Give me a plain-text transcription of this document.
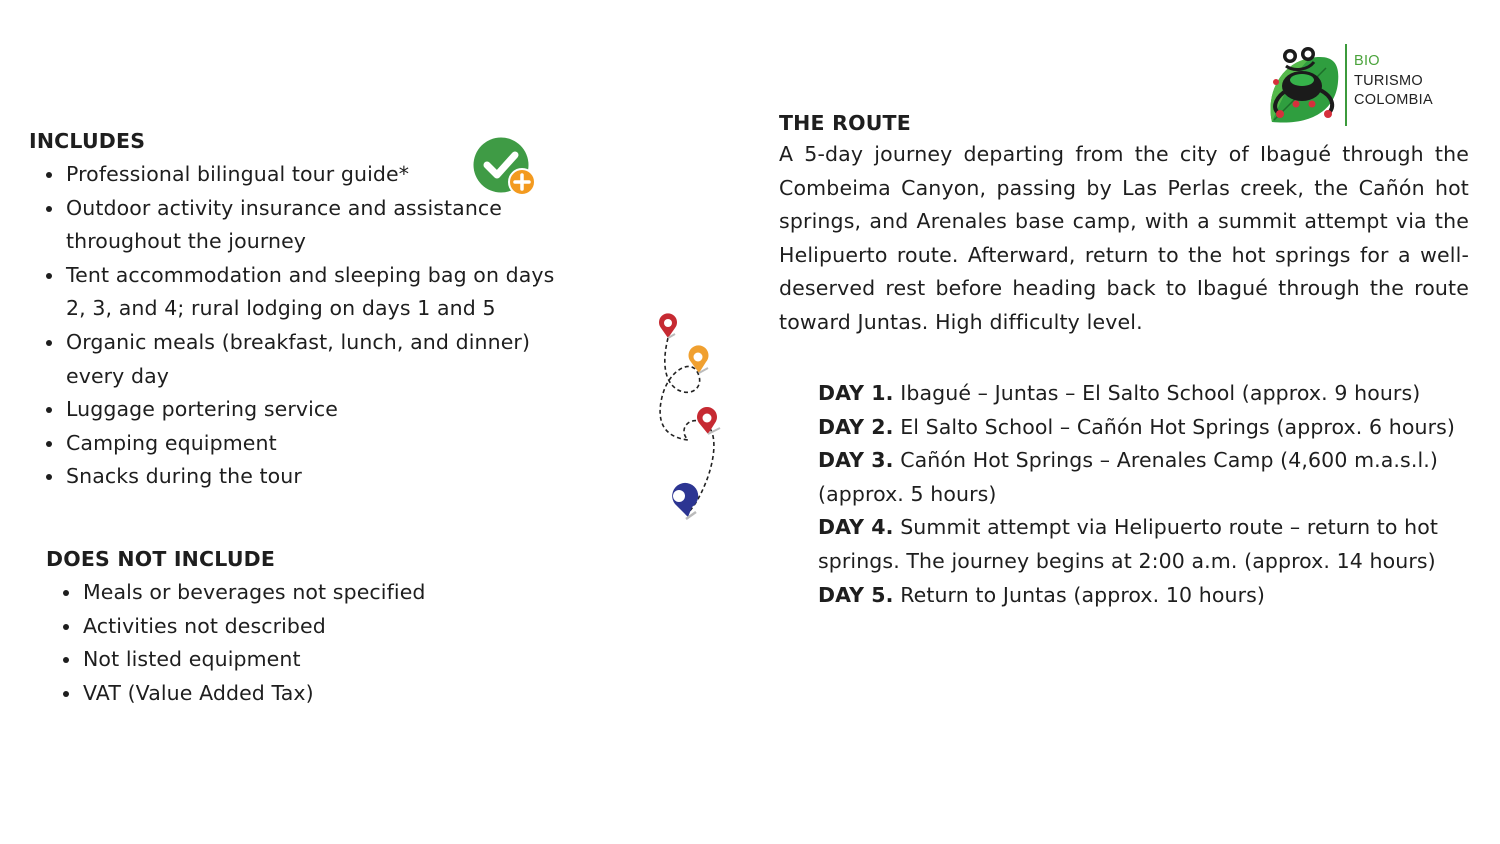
INCLUDES
Professional bilingual tour guide*
Outdoor activity insurance and assistance throughout the journey
Tent accommodation and sleeping bag on days 2, 3, and 4; rural lodging on days 1 and 5
Organic meals (breakfast, lunch, and dinner) every day
Luggage portering service
Camping equipment
Snacks during the tour
DOES NOT INCLUDE
Meals or beverages not specified
Activities not described
Not listed equipment
VAT (Value Added Tax)
THE ROUTE

A 5-day journey departing from the city of Ibagué through the Combeima Canyon, passing by Las Perlas creek, the Cañón hot springs, and Arenales base camp, with a summit attempt via the Helipuerto route. Afterward, return to the hot springs for a well-deserved rest before heading back to Ibagué through the route toward Juntas. High difficulty level.

DAY 1. Ibagué – Juntas – El Salto School (approx. 9 hours)
DAY 2. El Salto School – Cañón Hot Springs (approx. 6 hours)
DAY 3. Cañón Hot Springs – Arenales Camp (4,600 m.a.s.l.) (approx. 5 hours)
DAY 4. Summit attempt via Helipuerto route – return to hot springs. The journey begins at 2:00 a.m. (approx. 14 hours)
DAY 5. Return to Juntas (approx. 10 hours)
BIO
TURISMO
COLOMBIA
